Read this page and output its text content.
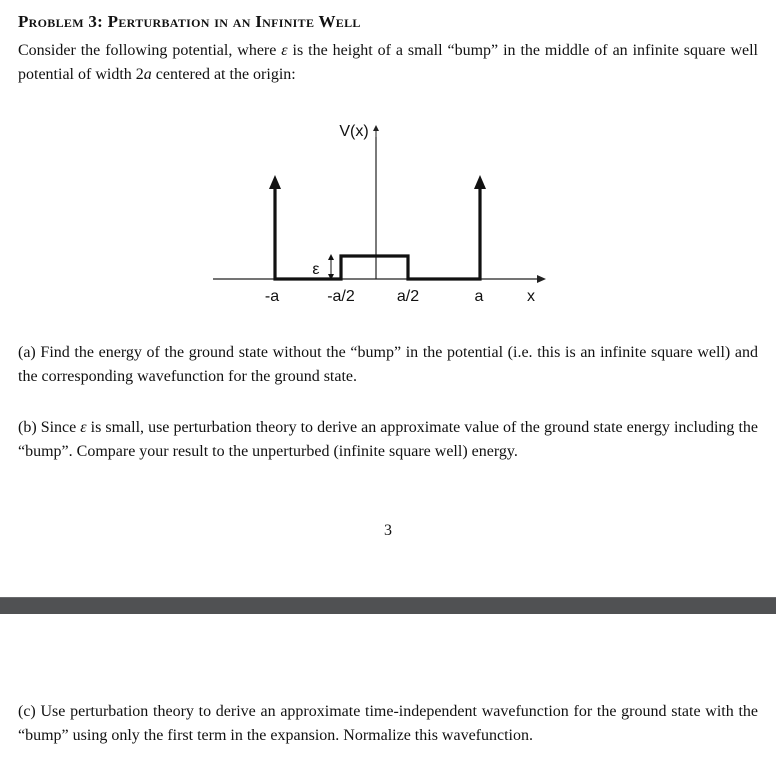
Problem 3: Perturbation in an Infinite Well
Consider the following potential, where ε is the height of a small “bump” in the middle of an infinite square well potential of width 2a centered at the origin:
ε
V(x)
-a	-a/2	a/2	a	x
(a) Find the energy of the ground state without the “bump” in the potential (i.e. this is an infinite square well) and the corresponding wavefunction for the ground state.
(b) Since ε is small, use perturbation theory to derive an approximate value of the ground state energy including the “bump”. Compare your result to the unperturbed (infinite square well) energy.
3
(c) Use perturbation theory to derive an approximate time-independent wavefunction for the ground state with the “bump” using only the first term in the expansion. Normalize this wavefunction.
